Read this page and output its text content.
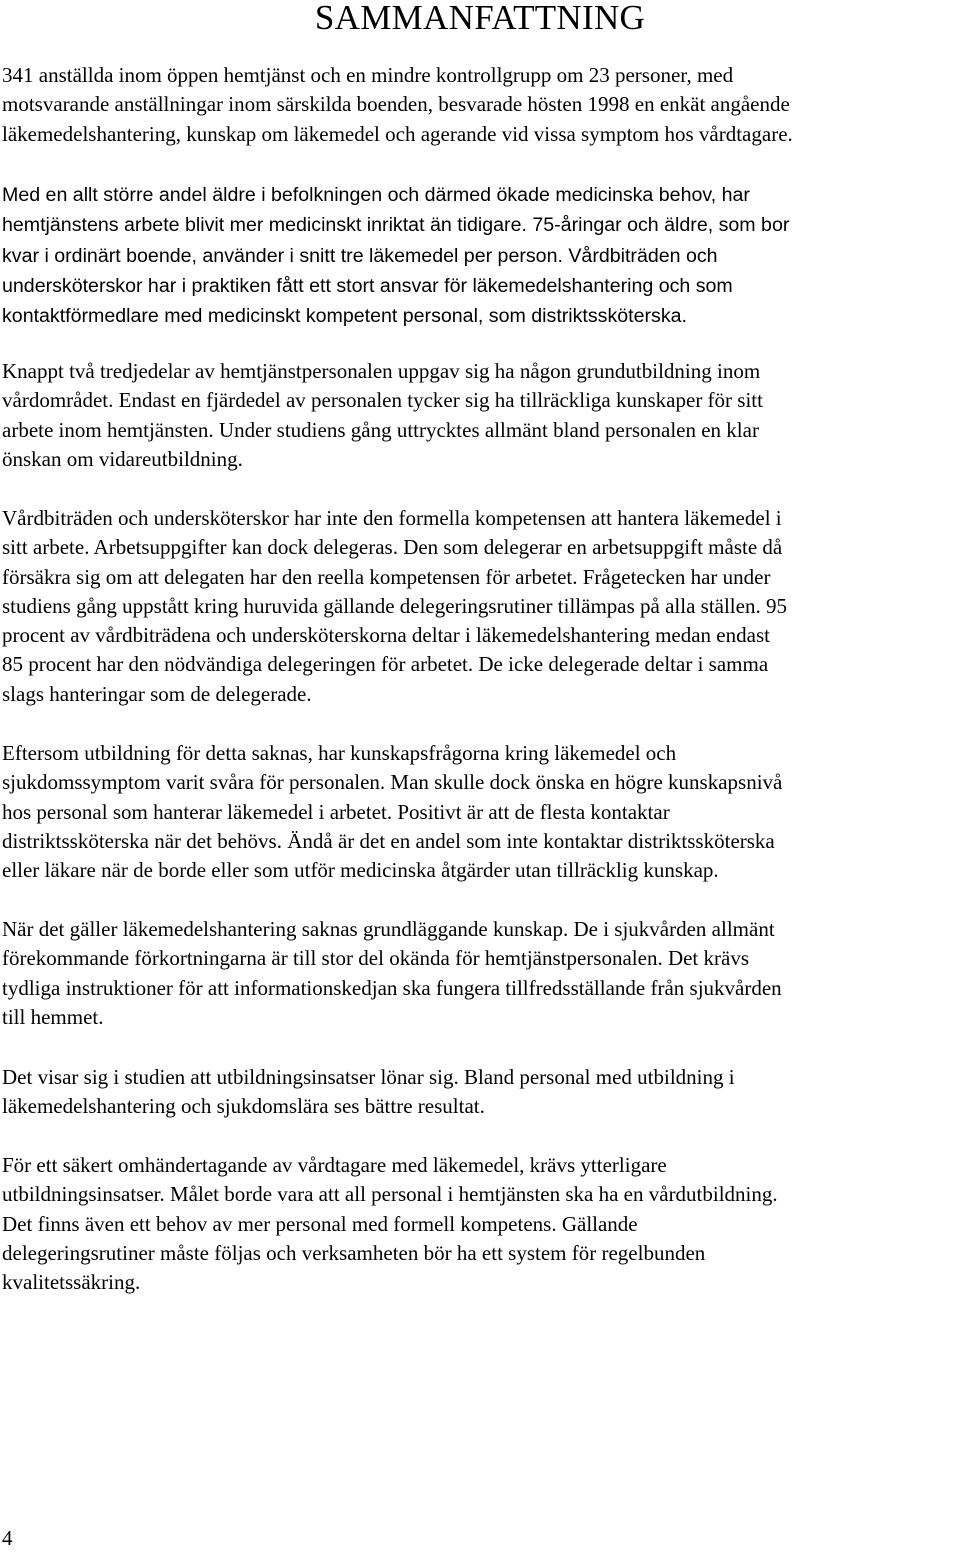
SAMMANFATTNING

341 anställda inom öppen hemtjänst och en mindre kontrollgrupp om 23 personer, med
motsvarande anställningar inom särskilda boenden, besvarade hösten 1998 en enkät angående
läkemedelshantering, kunskap om läkemedel och agerande vid vissa symptom hos vårdtagare.

Med en allt större andel äldre i befolkningen och därmed ökade medicinska behov, har
hemtjänstens arbete blivit mer medicinskt inriktat än tidigare. 75-åringar och äldre, som bor
kvar i ordinärt boende, använder i snitt tre läkemedel per person. Vårdbiträden och
undersköterskor har i praktiken fått ett stort ansvar för läkemedelshantering och som
kontaktförmedlare med medicinskt kompetent personal, som distriktssköterska.

Knappt två tredjedelar av hemtjänstpersonalen uppgav sig ha någon grundutbildning inom
vårdområdet. Endast en fjärdedel av personalen tycker sig ha tillräckliga kunskaper för sitt
arbete inom hemtjänsten. Under studiens gång uttrycktes allmänt bland personalen en klar
önskan om vidareutbildning.

Vårdbiträden och undersköterskor har inte den formella kompetensen att hantera läkemedel i
sitt arbete. Arbetsuppgifter kan dock delegeras. Den som delegerar en arbetsuppgift måste då
försäkra sig om att delegaten har den reella kompetensen för arbetet. Frågetecken har under
studiens gång uppstått kring huruvida gällande delegeringsrutiner tillämpas på alla ställen. 95
procent av vårdbiträdena och undersköterskorna deltar i läkemedelshantering medan endast
85 procent har den nödvändiga delegeringen för arbetet. De icke delegerade deltar i samma
slags hanteringar som de delegerade.

Eftersom utbildning för detta saknas, har kunskapsfrågorna kring läkemedel och
sjukdomssymptom varit svåra för personalen. Man skulle dock önska en högre kunskapsnivå
hos personal som hanterar läkemedel i arbetet. Positivt är att de flesta kontaktar
distriktssköterska när det behövs. Ändå är det en andel som inte kontaktar distriktssköterska
eller läkare när de borde eller som utför medicinska åtgärder utan tillräcklig kunskap.

När det gäller läkemedelshantering saknas grundläggande kunskap. De i sjukvården allmänt
förekommande förkortningarna är till stor del okända för hemtjänstpersonalen. Det krävs
tydliga instruktioner för att informationskedjan ska fungera tillfredsställande från sjukvården
till hemmet.

Det visar sig i studien att utbildningsinsatser lönar sig. Bland personal med utbildning i
läkemedelshantering och sjukdomslära ses bättre resultat.

För ett säkert omhändertagande av vårdtagare med läkemedel, krävs ytterligare
utbildningsinsatser. Målet borde vara att all personal i hemtjänsten ska ha en vårdutbildning.
Det finns även ett behov av mer personal med formell kompetens. Gällande
delegeringsrutiner måste följas och verksamheten bör ha ett system för regelbunden
kvalitetssäkring.

4
